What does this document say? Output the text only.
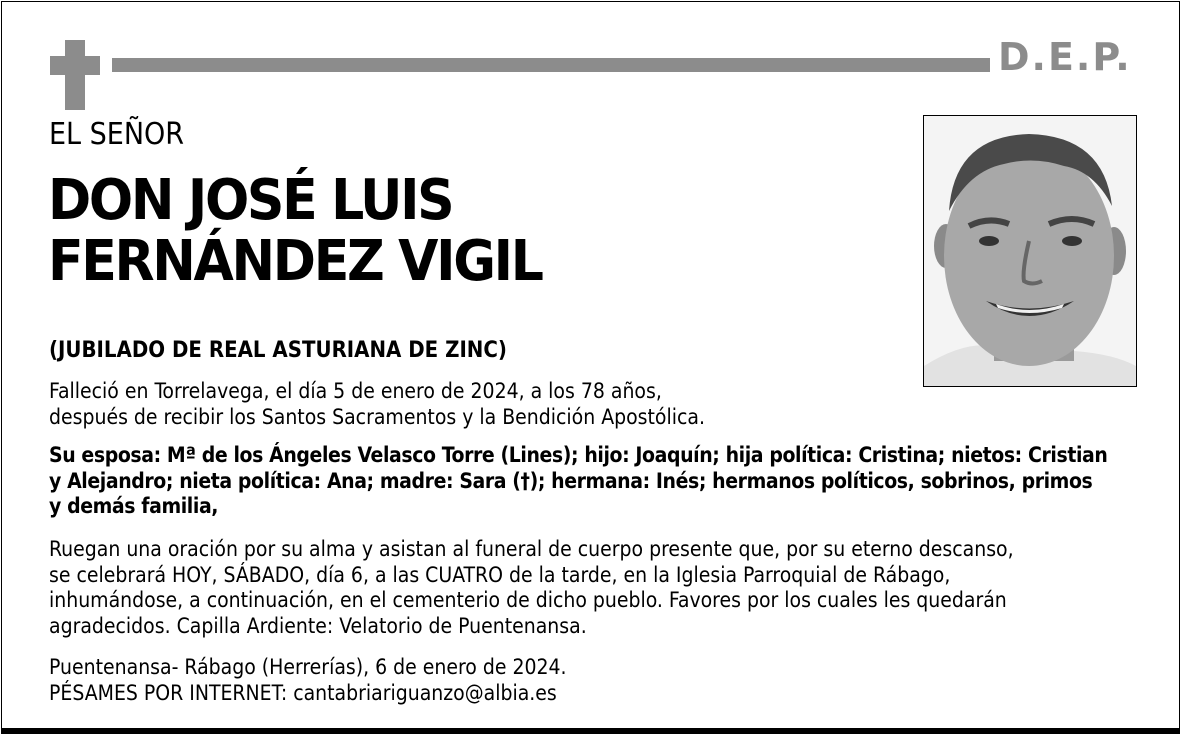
D.E.P.
EL SEÑOR
DON JOSÉ LUIS
FERNÁNDEZ VIGIL
(JUBILADO DE REAL ASTURIANA DE ZINC)
Falleció en Torrelavega, el día 5 de enero de 2024, a los 78 años,
después de recibir los Santos Sacramentos y la Bendición Apostólica.
Su esposa: Mª de los Ángeles Velasco Torre (Lines); hijo: Joaquín; hija política: Cristina; nietos: Cristian
y Alejandro; nieta política: Ana; madre: Sara (†); hermana: Inés; hermanos políticos, sobrinos, primos
y demás familia,
Ruegan una oración por su alma y asistan al funeral de cuerpo presente que, por su eterno descanso,
se celebrará HOY, SÁBADO, día 6, a las CUATRO de la tarde, en la Iglesia Parroquial de Rábago,
inhumándose, a continuación, en el cementerio de dicho pueblo. Favores por los cuales les quedarán
agradecidos. Capilla Ardiente: Velatorio de Puentenansa.
Puentenansa- Rábago (Herrerías), 6 de enero de 2024.
PÉSAMES POR INTERNET: cantabriariguanzo@albia.es
